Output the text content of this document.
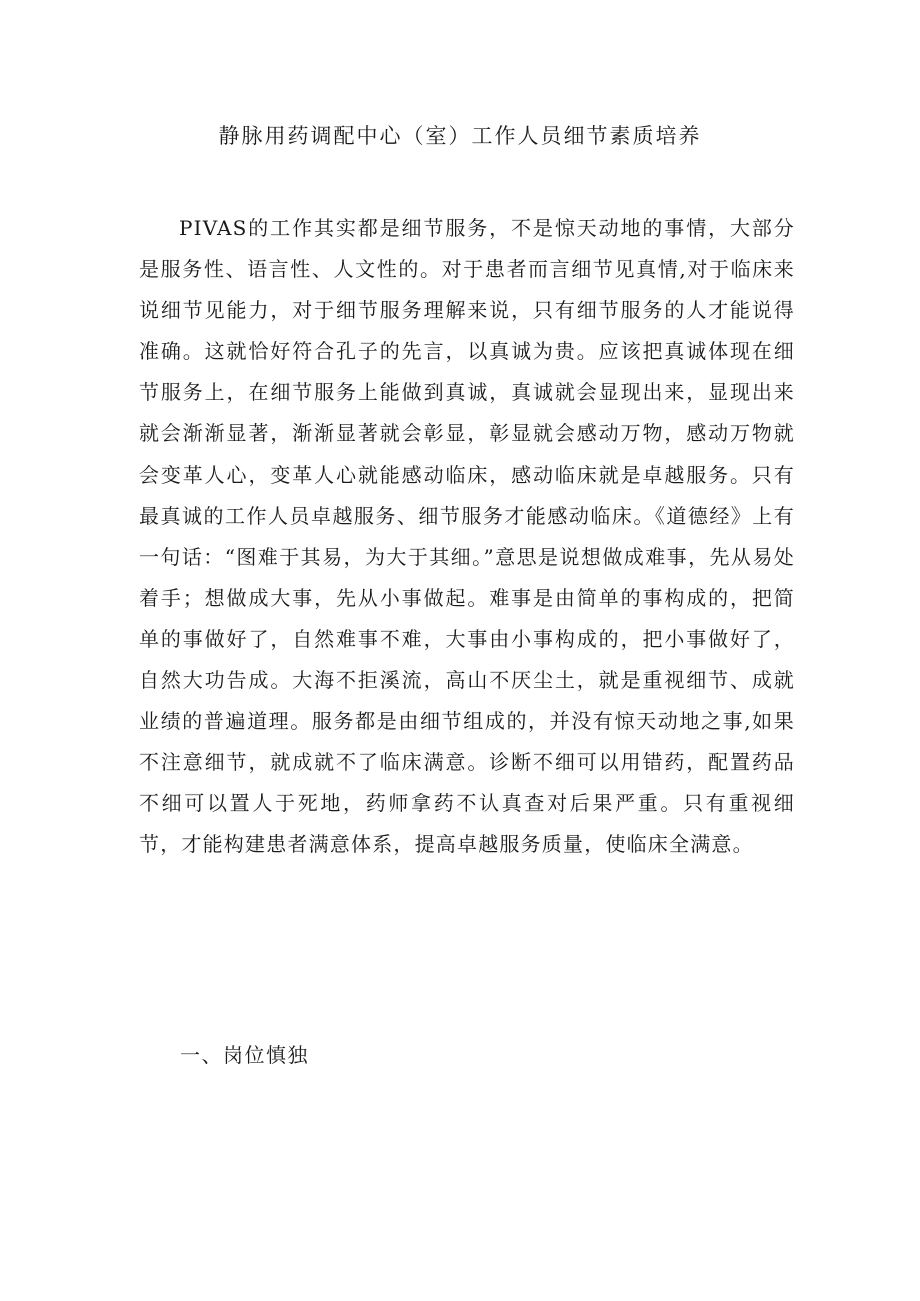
静脉用药调配中心（室）工作人员细节素质培养

PIVAS的工作其实都是细节服务，不是惊天动地的事情，大部分是服务性、语言性、人文性的。对于患者而言细节见真情,对于临床来说细节见能力，对于细节服务理解来说，只有细节服务的人才能说得准确。这就恰好符合孔子的先言，以真诚为贵。应该把真诚体现在细节服务上，在细节服务上能做到真诚，真诚就会显现出来，显现出来就会渐渐显著，渐渐显著就会彰显，彰显就会感动万物，感动万物就会变革人心，变革人心就能感动临床，感动临床就是卓越服务。只有最真诚的工作人员卓越服务、细节服务才能感动临床。《道德经》上有一句话：“图难于其易，为大于其细。”意思是说想做成难事，先从易处着手；想做成大事，先从小事做起。难事是由简单的事构成的，把简单的事做好了，自然难事不难，大事由小事构成的，把小事做好了，自然大功告成。大海不拒溪流，高山不厌尘土，就是重视细节、成就业绩的普遍道理。服务都是由细节组成的，并没有惊天动地之事,如果不注意细节，就成就不了临床满意。诊断不细可以用错药，配置药品不细可以置人于死地，药师拿药不认真查对后果严重。只有重视细节，才能构建患者满意体系，提高卓越服务质量，使临床全满意。

一、岗位慎独
